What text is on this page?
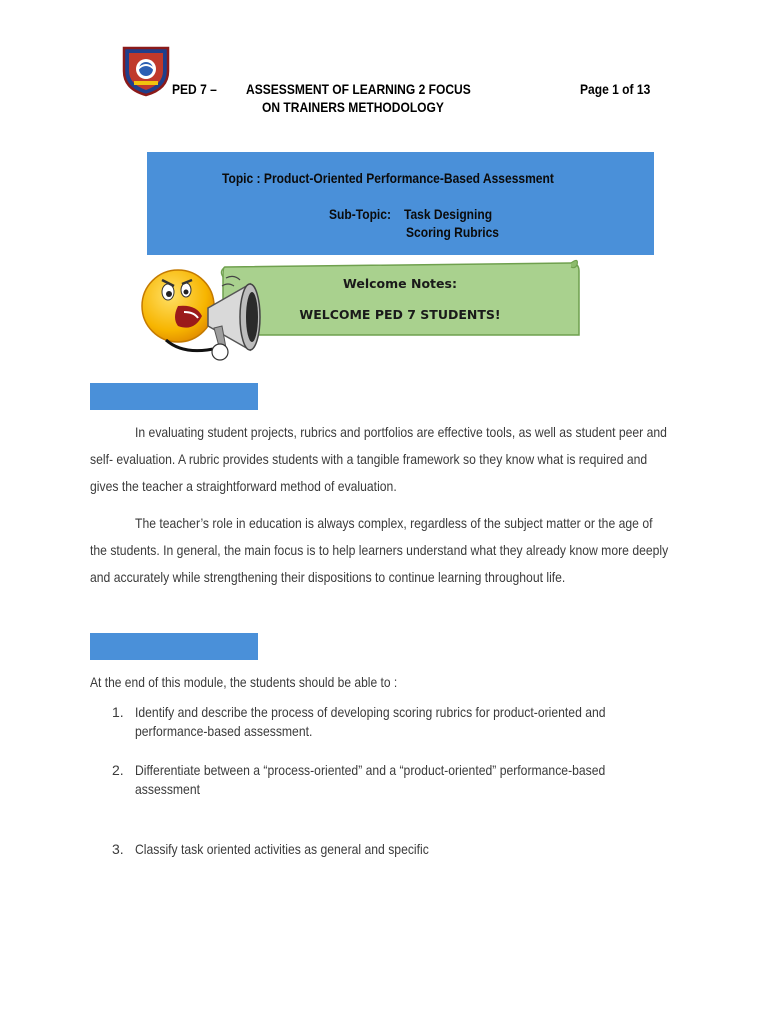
PED 7 –	ASSESSMENT OF LEARNING 2 FOCUS
ON TRAINERS METHODOLOGY
Page 1 of 13
Topic : Product-Oriented Performance-Based Assessment
Sub-Topic: Task Designing
Scoring Rubrics
Welcome Notes:
WELCOME PED 7 STUDENTS!
In evaluating student projects, rubrics and portfolios are effective tools, as well as student peer and
self- evaluation. A rubric provides students with a tangible framework so they know what is required and
gives the teacher a straightforward method of evaluation.
The teacher’s role in education is always complex, regardless of the subject matter or the age of
the students. In general, the main focus is to help learners understand what they already know more deeply
and accurately while strengthening their dispositions to continue learning throughout life.
At the end of this module, the students should be able to :
1. Identify and describe the process of developing scoring rubrics for product-oriented and
performance-based assessment.
2. Differentiate between a “process-oriented” and a “product-oriented” performance-based
assessment
3. Classify task oriented activities as general and specific
